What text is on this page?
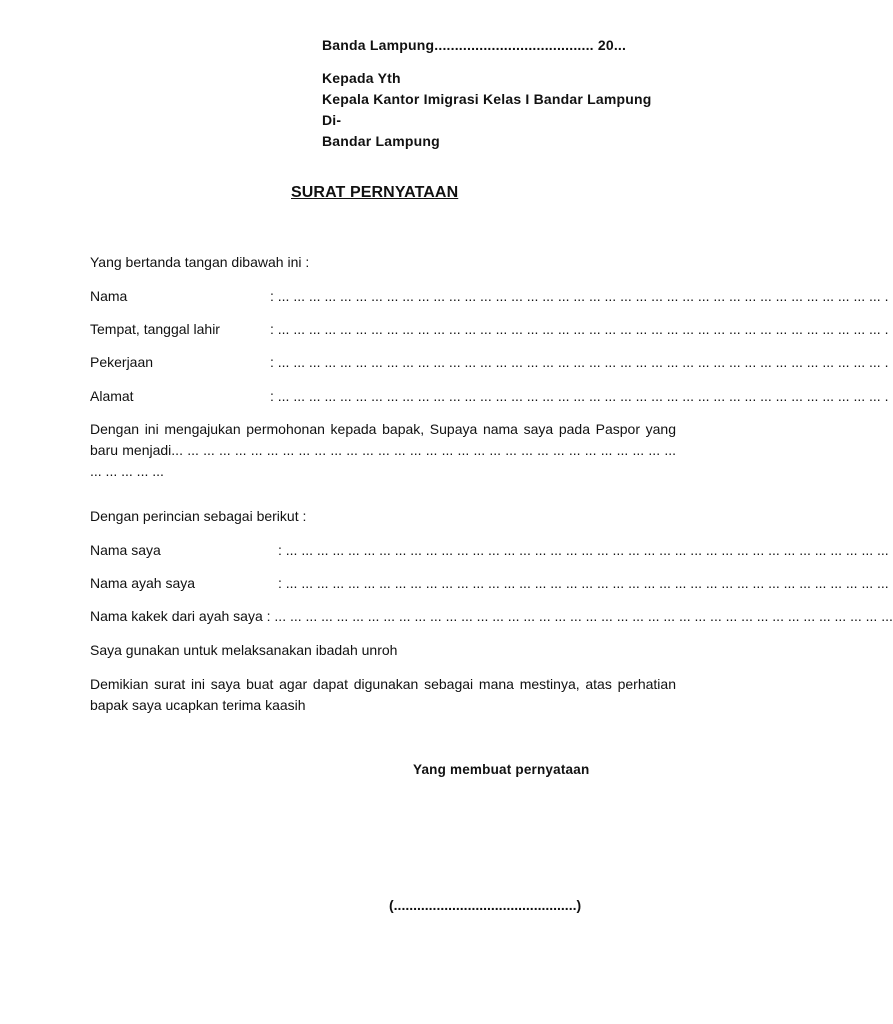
Banda Lampung....................................... 20...
Kepada Yth
Kepala Kantor Imigrasi Kelas I Bandar Lampung
Di-
Bandar Lampung
SURAT PERNYATAAN
Yang bertanda tangan dibawah ini :
Nama	: ... ... ... ... ... ... ... ... ... ... ... ... ... ... ... ... ... ... ... ... ... ... ... ... ... ... ... ... ... ... ... ... ... ... ... ... ... ... ... .
Tempat, tanggal lahir	: ... ... ... ... ... ... ... ... ... ... ... ... ... ... ... ... ... ... ... ... ... ... ... ... ... ... ... ... ... ... ... ... ... ... ... ... ... ... ... .
Pekerjaan	: ... ... ... ... ... ... ... ... ... ... ... ... ... ... ... ... ... ... ... ... ... ... ... ... ... ... ... ... ... ... ... ... ... ... ... ... ... ... ... .
Alamat	: ... ... ... ... ... ... ... ... ... ... ... ... ... ... ... ... ... ... ... ... ... ... ... ... ... ... ... ... ... ... ... ... ... ... ... ... ... ... ... .
Dengan ini mengajukan permohonan kepada bapak, Supaya nama saya pada Paspor yang baru menjadi... ... ... ... ... ... ... ... ... ... ... ... ... ... ... ... ... ... ... ... ... ... ... ... ... ... ... ... ... ... ... ... ... ... ... ... ...
Dengan perincian sebagai berikut :
Nama saya	: ... ... ... ... ... ... ... ... ... ... ... ... ... ... ... ... ... ... ... ... ... ... ... ... ... ... ... ... ... ... ... ... ... ... ... ... ... ... ...
Nama ayah saya	: ... ... ... ... ... ... ... ... ... ... ... ... ... ... ... ... ... ... ... ... ... ... ... ... ... ... ... ... ... ... ... ... ... ... ... ... ... ... ...
Nama kakek dari ayah saya : ... ... ... ... ... ... ... ... ... ... ... ... ... ... ... ... ... ... ... ... ... ... ... ... ... ... ... ... ... ... ... ... ... ... ... ... ... ... ... ...
Saya gunakan untuk melaksanakan ibadah unroh
Demikian surat ini saya buat agar dapat digunakan sebagai mana mestinya, atas perhatian bapak saya ucapkan terima kaasih
Yang membuat pernyataan
(...............................................)
